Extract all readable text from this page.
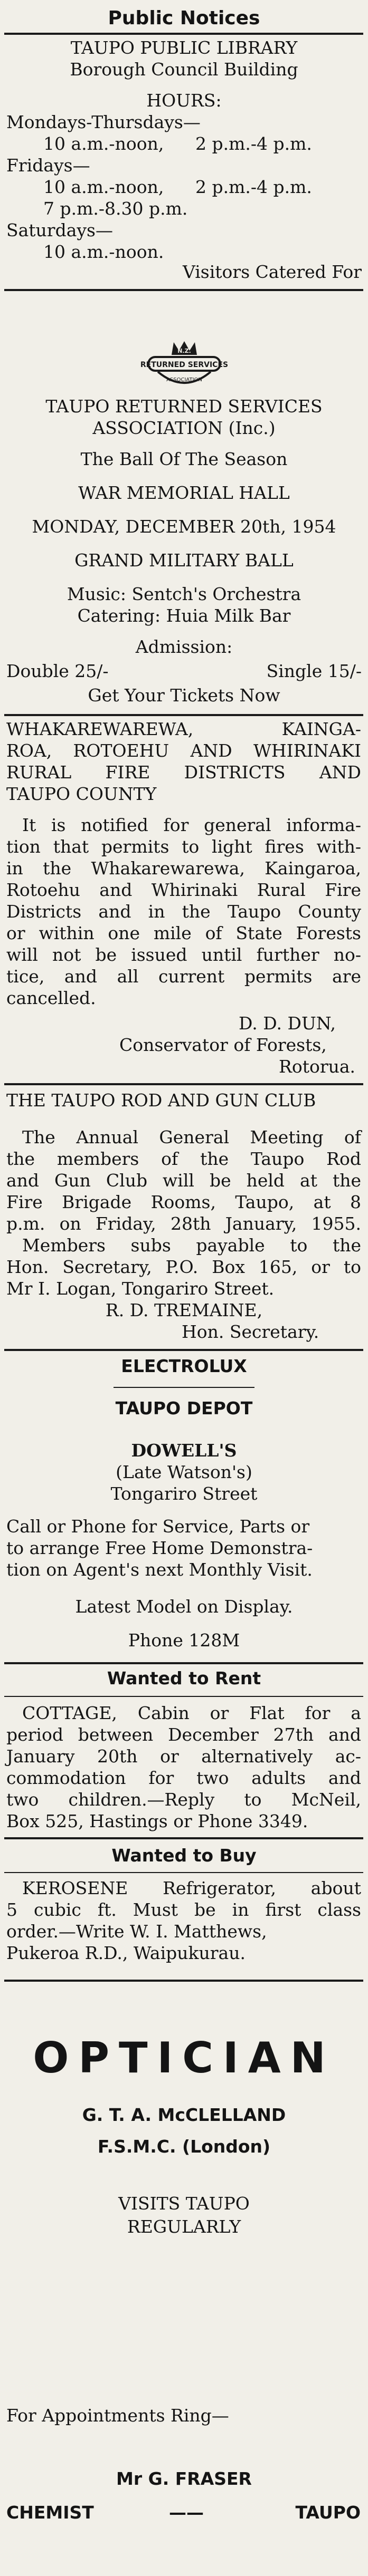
Public Notices
TAUPO PUBLIC LIBRARY
Borough Council Building
HOURS:
Mondays-Thursdays—
10 a.m.-noon, 2 p.m.-4 p.m.
Fridays—
10 a.m.-noon, 2 p.m.-4 p.m.
7 p.m.-8.30 p.m.
Saturdays—
10 a.m.-noon.
Visitors Catered For
N.Z.
RETURNED SERVICES
ASSOCIATION
TAUPO RETURNED SERVICES
ASSOCIATION (Inc.)
The Ball Of The Season
WAR MEMORIAL HALL
MONDAY, DECEMBER 20th, 1954
GRAND MILITARY BALL
Music: Sentch's Orchestra
Catering: Huia Milk Bar
Admission:
Double 25/-	Single 15/-
Get Your Tickets Now
WHAKAREWAREWA, KAINGA-
ROA, ROTOEHU AND WHIRINAKI
RURAL FIRE DISTRICTS AND
TAUPO COUNTY
It is notified for general informa-
tion that permits to light fires with-
in the Whakarewarewa, Kaingaroa,
Rotoehu and Whirinaki Rural Fire
Districts and in the Taupo County
or within one mile of State Forests
will not be issued until further no-
tice, and all current permits are
cancelled.
D. D. DUN,
Conservator of Forests,
Rotorua.
THE TAUPO ROD AND GUN CLUB
The Annual General Meeting of
the members of the Taupo Rod
and Gun Club will be held at the
Fire Brigade Rooms, Taupo, at 8
p.m. on Friday, 28th January, 1955.
Members subs payable to the
Hon. Secretary, P.O. Box 165, or to
Mr I. Logan, Tongariro Street.
R. D. TREMAINE,
Hon. Secretary.
ELECTROLUX
TAUPO DEPOT
DOWELL'S
(Late Watson's)
Tongariro Street
Call or Phone for Service, Parts or
to arrange Free Home Demonstra-
tion on Agent's next Monthly Visit.
Latest Model on Display.
Phone 128M
Wanted to Rent
COTTAGE, Cabin or Flat for a
period between December 27th and
January 20th or alternatively ac-
commodation for two adults and
two children.—Reply to McNeil,
Box 525, Hastings or Phone 3349.
Wanted to Buy
KEROSENE Refrigerator, about
5 cubic ft. Must be in first class
order.—Write W. I. Matthews,
Pukeroa R.D., Waipukurau.
OPTICIAN
G. T. A. McCLELLAND
F.S.M.C. (London)
VISITS TAUPO
REGULARLY
For Appointments Ring—
Mr G. FRASER
CHEMIST	——	TAUPO
